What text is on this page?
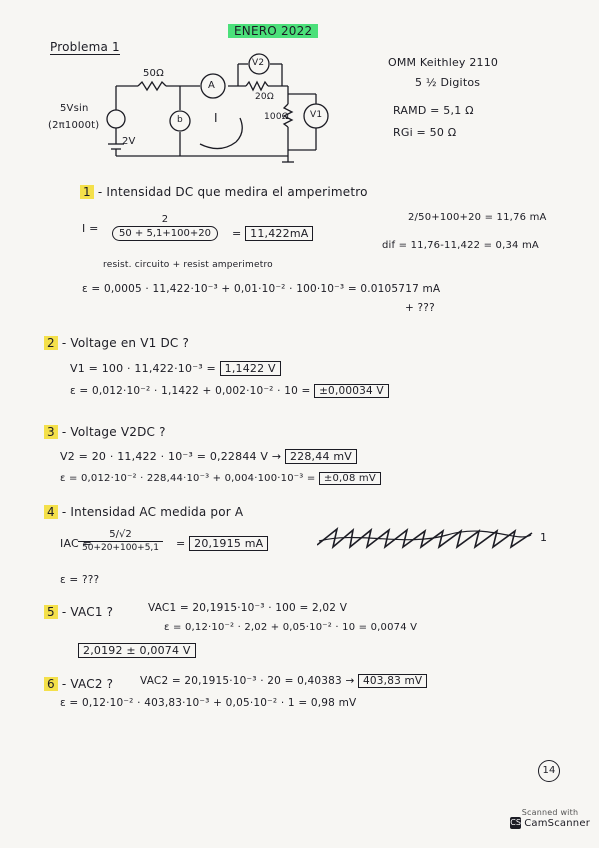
ENERO 2022
Problema 1
OMM Keithley 2110
5 ½ Digitos
RAMD = 5,1 Ω
RGi = 50 Ω
50Ω
20Ω
100Ω
A
V2
V1
b	I
5Vsin
(2π1000t)
2V
1 - Intensidad DC que medira el amperimetro
$I = \frac{2}{50 + 5,1+100+20} = 11,422mA$
resist. circuito + resist amperimetro
2/50+100+20 = 11,76 mA
dif = 11,76-11,422 = 0,34 mA
ε = 0,0005 · 11,422·10⁻³ + 0,01·10⁻² · 100·10⁻³ = 0.0105717 mA
+ ???
2 - Voltage en V1 DC ?
V1 = 100 · 11,422·10⁻³ = 1,1422 V
ε = 0,012·10⁻² · 1,1422 + 0,002·10⁻² · 10 = ±0,00034 V
3 - Voltage V2DC ?
V2 = 20 · 11,422 · 10⁻³ = 0,22844 V → 228,44 mV
ε = 0,012·10⁻² · 228,44·10⁻³ + 0,004·100·10⁻³ = ±0,08 mV
4 - Intensidad AC medida por A
IAC =
$\frac{5/√2}{50+20+100+5,1} = 20,1915$ mA	1
ε = ???
5 - VAC1 ?	VAC1 = 20,1915·10⁻³ · 100 = 2,02 V
ε = 0,12·10⁻² · 2,02 + 0,05·10⁻² · 10 = 0,0074 V
2,0192 ± 0,0074 V
6 - VAC2 ?	VAC2 = 20,1915·10⁻³ · 20 = 0,40383 → 403,83 mV
ε = 0,12·10⁻² · 403,83·10⁻³ + 0,05·10⁻² · 1 = 0,98 mV
14
Scanned with
CS CamScanner
